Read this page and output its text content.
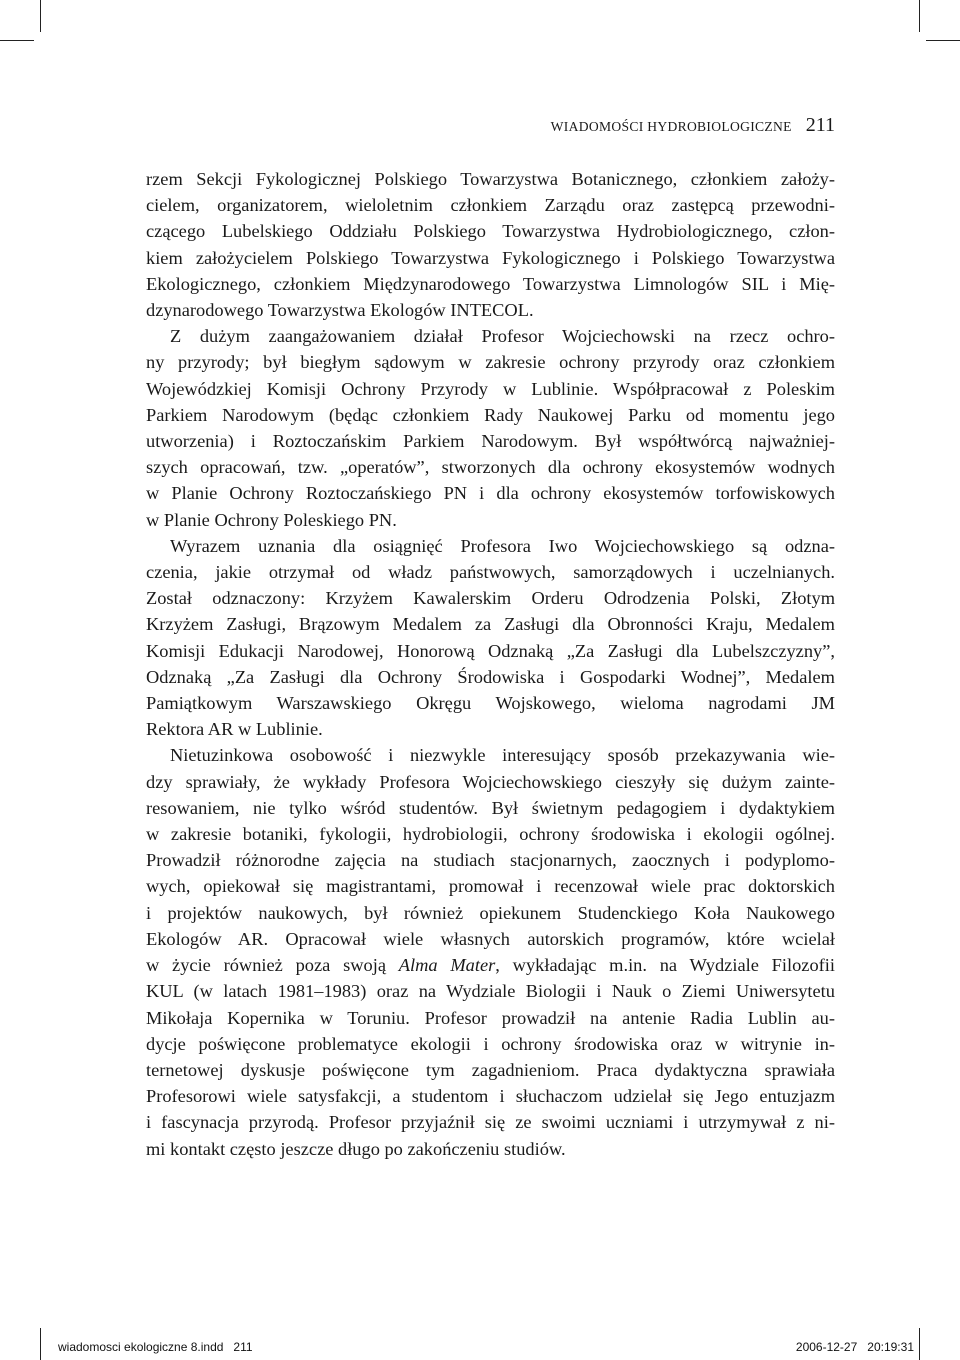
WIADOMOŚCI HYDROBIOLOGICZNE 211
rzem Sekcji Fykologicznej Polskiego Towarzystwa Botanicznego, członkiem założy-
cielem, organizatorem, wieloletnim członkiem Zarządu oraz zastępcą przewodni-
czącego Lubelskiego Oddziału Polskiego Towarzystwa Hydrobiologicznego, człon-
kiem założycielem Polskiego Towarzystwa Fykologicznego i Polskiego Towarzystwa
Ekologicznego, członkiem Międzynarodowego Towarzystwa Limnologów SIL i Mię-
dzynarodowego Towarzystwa Ekologów INTECOL.
Z dużym zaangażowaniem działał Profesor Wojciechowski na rzecz ochro-
ny przyrody; był biegłym sądowym w zakresie ochrony przyrody oraz członkiem
Wojewódzkiej Komisji Ochrony Przyrody w Lublinie. Współpracował z Poleskim
Parkiem Narodowym (będąc członkiem Rady Naukowej Parku od momentu jego
utworzenia) i Roztoczańskim Parkiem Narodowym. Był współtwórcą najważniej-
szych opracowań, tzw. „operatów”, stworzonych dla ochrony ekosystemów wodnych
w Planie Ochrony Roztoczańskiego PN i dla ochrony ekosystemów torfowiskowych
w Planie Ochrony Poleskiego PN.
Wyrazem uznania dla osiągnięć Profesora Iwo Wojciechowskiego są odzna-
czenia, jakie otrzymał od władz państwowych, samorządowych i uczelnianych.
Został odznaczony: Krzyżem Kawalerskim Orderu Odrodzenia Polski, Złotym
Krzyżem Zasługi, Brązowym Medalem za Zasługi dla Obronności Kraju, Medalem
Komisji Edukacji Narodowej, Honorową Odznaką „Za Zasługi dla Lubelszczyzny”,
Odznaką „Za Zasługi dla Ochrony Środowiska i Gospodarki Wodnej”, Medalem
Pamiątkowym Warszawskiego Okręgu Wojskowego, wieloma nagrodami JM
Rektora AR w Lublinie.
Nietuzinkowa osobowość i niezwykle interesujący sposób przekazywania wie-
dzy sprawiały, że wykłady Profesora Wojciechowskiego cieszyły się dużym zainte-
resowaniem, nie tylko wśród studentów. Był świetnym pedagogiem i dydaktykiem
w zakresie botaniki, fykologii, hydrobiologii, ochrony środowiska i ekologii ogólnej.
Prowadził różnorodne zajęcia na studiach stacjonarnych, zaocznych i podyplomo-
wych, opiekował się magistrantami, promował i recenzował wiele prac doktorskich
i projektów naukowych, był również opiekunem Studenckiego Koła Naukowego
Ekologów AR. Opracował wiele własnych autorskich programów, które wcielał
w życie również poza swoją Alma Mater, wykładając m.in. na Wydziale Filozofii
KUL (w latach 1981–1983) oraz na Wydziale Biologii i Nauk o Ziemi Uniwersytetu
Mikołaja Kopernika w Toruniu. Profesor prowadził na antenie Radia Lublin au-
dycje poświęcone problematyce ekologii i ochrony środowiska oraz w witrynie in-
ternetowej dyskusje poświęcone tym zagadnieniom. Praca dydaktyczna sprawiała
Profesorowi wiele satysfakcji, a studentom i słuchaczom udzielał się Jego entuzjazm
i fascynacja przyrodą. Profesor przyjaźnił się ze swoimi uczniami i utrzymywał z ni-
mi kontakt często jeszcze długo po zakończeniu studiów.
wiadomosci ekologiczne 8.indd   211	2006-12-27   20:19:31
